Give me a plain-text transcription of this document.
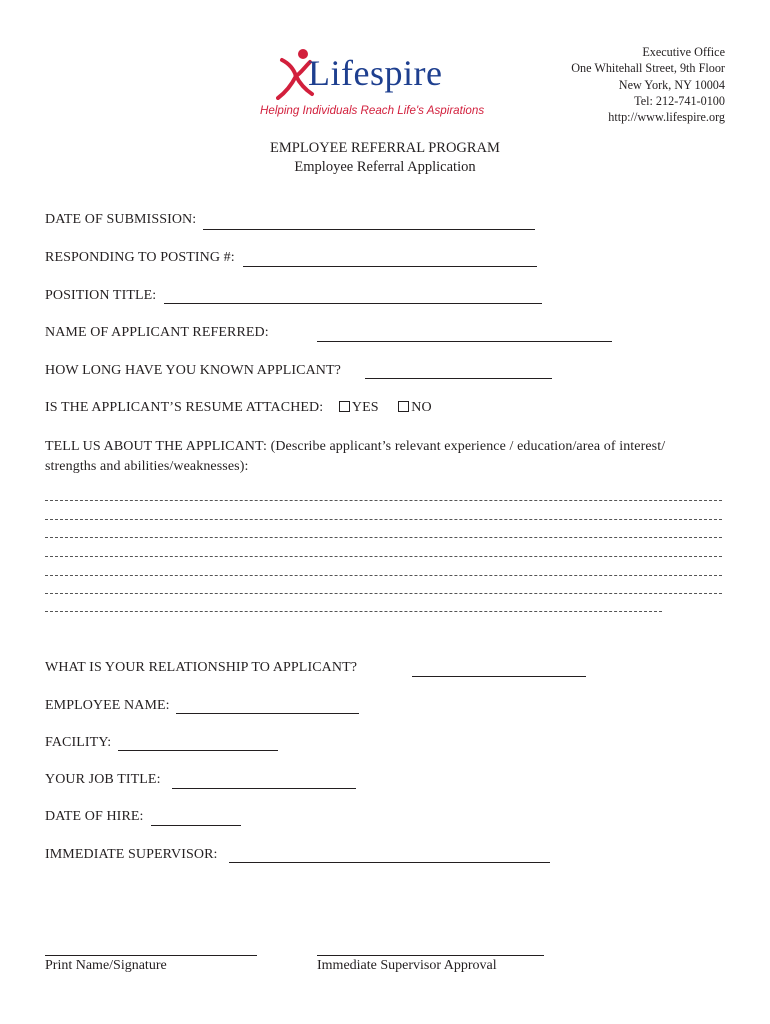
Lifespire
Helping Individuals Reach Life's Aspirations
Executive Office
One Whitehall Street, 9th Floor
New York, NY 10004
Tel: 212-741-0100
http://www.lifespire.org
EMPLOYEE REFERRAL PROGRAM
Employee Referral Application
DATE OF SUBMISSION:
RESPONDING TO POSTING #:
POSITION TITLE:
NAME OF APPLICANT REFERRED:
HOW LONG HAVE YOU KNOWN APPLICANT?
IS THE APPLICANT’S RESUME ATTACHED: YES NO
TELL US ABOUT THE APPLICANT: (Describe applicant’s relevant experience / education/area of interest/
strengths and abilities/weaknesses):
WHAT IS YOUR RELATIONSHIP TO APPLICANT?
EMPLOYEE NAME:
FACILITY:
YOUR JOB TITLE:
DATE OF HIRE:
IMMEDIATE SUPERVISOR:
Print Name/Signature	Immediate Supervisor Approval
